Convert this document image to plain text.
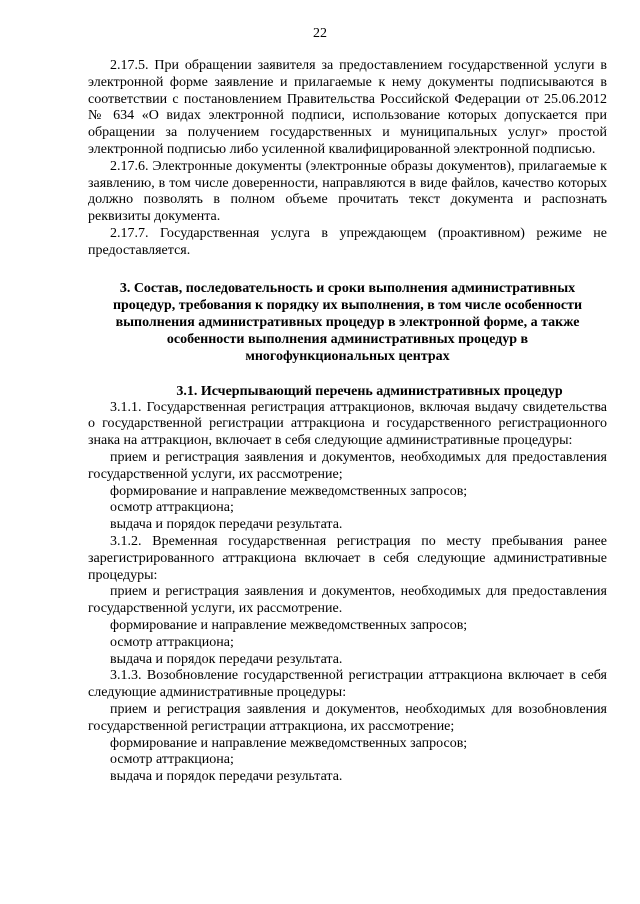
22

2.17.5. При обращении заявителя за предоставлением государственной услуги в электронной форме заявление и прилагаемые к нему документы подписываются в соответствии с постановлением Правительства Российской Федерации от 25.06.2012 № 634 «О видах электронной подписи, использование которых допускается при обращении за получением государственных и муниципальных услуг» простой электронной подписью либо усиленной квалифицированной электронной подписью.

2.17.6. Электронные документы (электронные образы документов), прилагаемые к заявлению, в том числе доверенности, направляются в виде файлов, качество которых должно позволять в полном объеме прочитать текст документа и распознать реквизиты документа.

2.17.7. Государственная услуга в упреждающем (проактивном) режиме не предоставляется.

3. Состав, последовательность и сроки выполнения административных процедур, требования к порядку их выполнения, в том числе особенности выполнения административных процедур в электронной форме, а также особенности выполнения административных процедур в многофункциональных центрах

3.1. Исчерпывающий перечень административных процедур

3.1.1. Государственная регистрация аттракционов, включая выдачу свидетельства о государственной регистрации аттракциона и государственного регистрационного знака на аттракцион, включает в себя следующие административные процедуры:

прием и регистрация заявления и документов, необходимых для предоставления государственной услуги, их рассмотрение;

формирование и направление межведомственных запросов;

осмотр аттракциона;

выдача и порядок передачи результата.

3.1.2. Временная государственная регистрация по месту пребывания ранее зарегистрированного аттракциона включает в себя следующие административные процедуры:

прием и регистрация заявления и документов, необходимых для предоставления государственной услуги, их рассмотрение.

формирование и направление межведомственных запросов;

осмотр аттракциона;

выдача и порядок передачи результата.

3.1.3. Возобновление государственной регистрации аттракциона включает в себя следующие административные процедуры:

прием и регистрация заявления и документов, необходимых для возобновления государственной регистрации аттракциона, их рассмотрение;

формирование и направление межведомственных запросов;

осмотр аттракциона;

выдача и порядок передачи результата.
